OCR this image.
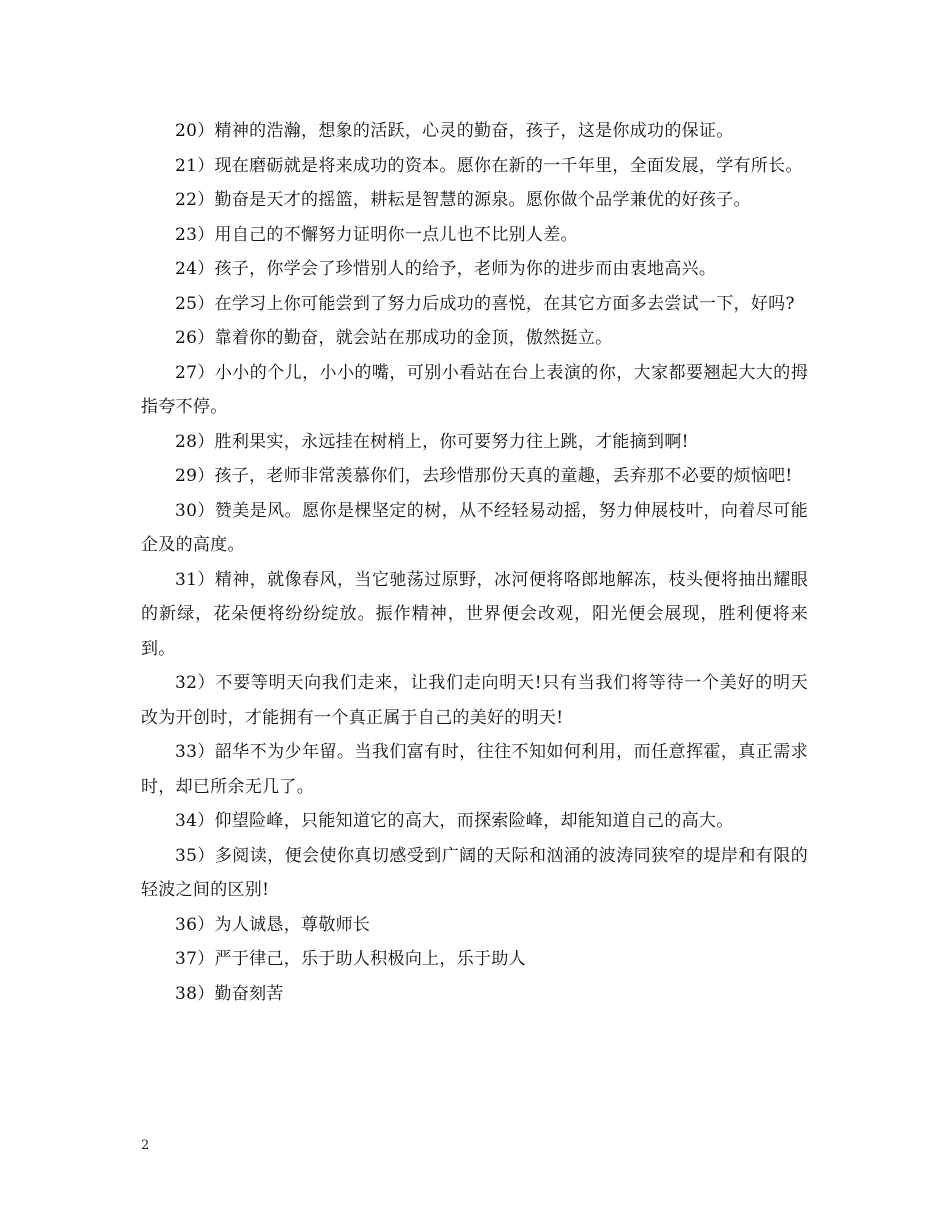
20）精神的浩瀚，想象的活跃，心灵的勤奋，孩子，这是你成功的保证。

21）现在磨砺就是将来成功的资本。愿你在新的一千年里，全面发展，学有所长。

22）勤奋是天才的摇篮，耕耘是智慧的源泉。愿你做个品学兼优的好孩子。

23）用自己的不懈努力证明你一点儿也不比别人差。

24）孩子，你学会了珍惜别人的给予，老师为你的进步而由衷地高兴。

25）在学习上你可能尝到了努力后成功的喜悦，在其它方面多去尝试一下，好吗?

26）靠着你的勤奋，就会站在那成功的金顶，傲然挺立。

27）小小的个儿，小小的嘴，可别小看站在台上表演的你，大家都要翘起大大的拇指夸不停。

28）胜利果实，永远挂在树梢上，你可要努力往上跳，才能摘到啊!

29）孩子，老师非常羡慕你们，去珍惜那份天真的童趣，丢弃那不必要的烦恼吧!

30）赞美是风。愿你是棵坚定的树，从不经轻易动摇，努力伸展枝叶，向着尽可能企及的高度。

31）精神，就像春风，当它驰荡过原野，冰河便将咯郎地解冻，枝头便将抽出耀眼的新绿，花朵便将纷纷绽放。振作精神，世界便会改观，阳光便会展现，胜利便将来到。

32）不要等明天向我们走来，让我们走向明天!只有当我们将等待一个美好的明天改为开创时，才能拥有一个真正属于自己的美好的明天!

33）韶华不为少年留。当我们富有时，往往不知如何利用，而任意挥霍，真正需求时，却已所余无几了。

34）仰望险峰，只能知道它的高大，而探索险峰，却能知道自己的高大。

35）多阅读，便会使你真切感受到广阔的天际和汹涌的波涛同狭窄的堤岸和有限的轻波之间的区别!

36）为人诚恳，尊敬师长

37）严于律己，乐于助人积极向上，乐于助人

38）勤奋刻苦

2
